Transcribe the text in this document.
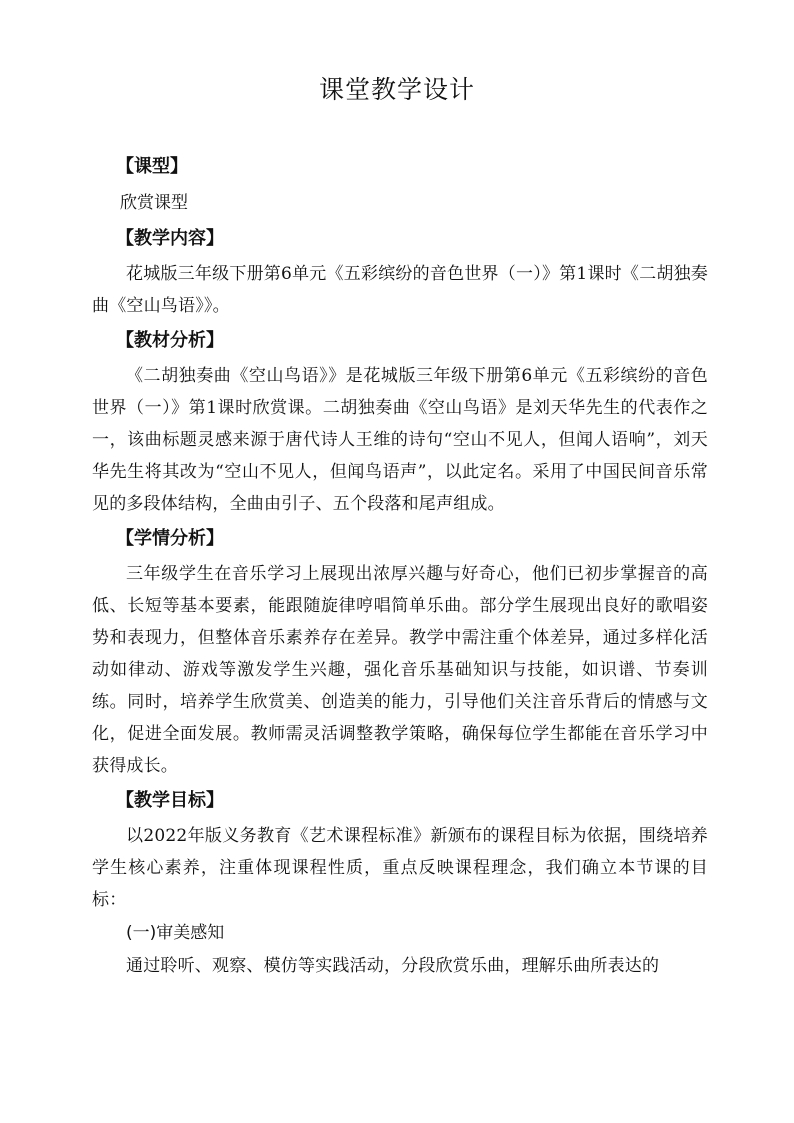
课堂教学设计
【课型】
欣赏课型
【教学内容】

花城版三年级下册第6单元《五彩缤纷的音色世界（一）》第1课时《二胡独奏曲《空山鸟语》》。

【教材分析】

《二胡独奏曲《空山鸟语》》是花城版三年级下册第6单元《五彩缤纷的音色世界（一）》第1课时欣赏课。二胡独奏曲《空山鸟语》是刘天华先生的代表作之一，该曲标题灵感来源于唐代诗人王维的诗句“空山不见人，但闻人语响”，刘天华先生将其改为“空山不见人，但闻鸟语声”，以此定名。采用了中国民间音乐常见的多段体结构，全曲由引子、五个段落和尾声组成。

【学情分析】

三年级学生在音乐学习上展现出浓厚兴趣与好奇心，他们已初步掌握音的高低、长短等基本要素，能跟随旋律哼唱简单乐曲。部分学生展现出良好的歌唱姿势和表现力，但整体音乐素养存在差异。教学中需注重个体差异，通过多样化活动如律动、游戏等激发学生兴趣，强化音乐基础知识与技能，如识谱、节奏训练。同时，培养学生欣赏美、创造美的能力，引导他们关注音乐背后的情感与文化，促进全面发展。教师需灵活调整教学策略，确保每位学生都能在音乐学习中获得成长。

【教学目标】

以2022年版义务教育《艺术课程标准》新颁布的课程目标为依据，围绕培养学生核心素养，注重体现课程性质，重点反映课程理念，我们确立本节课的目标：

(一)审美感知

通过聆听、观察、模仿等实践活动，分段欣赏乐曲，理解乐曲所表达的
